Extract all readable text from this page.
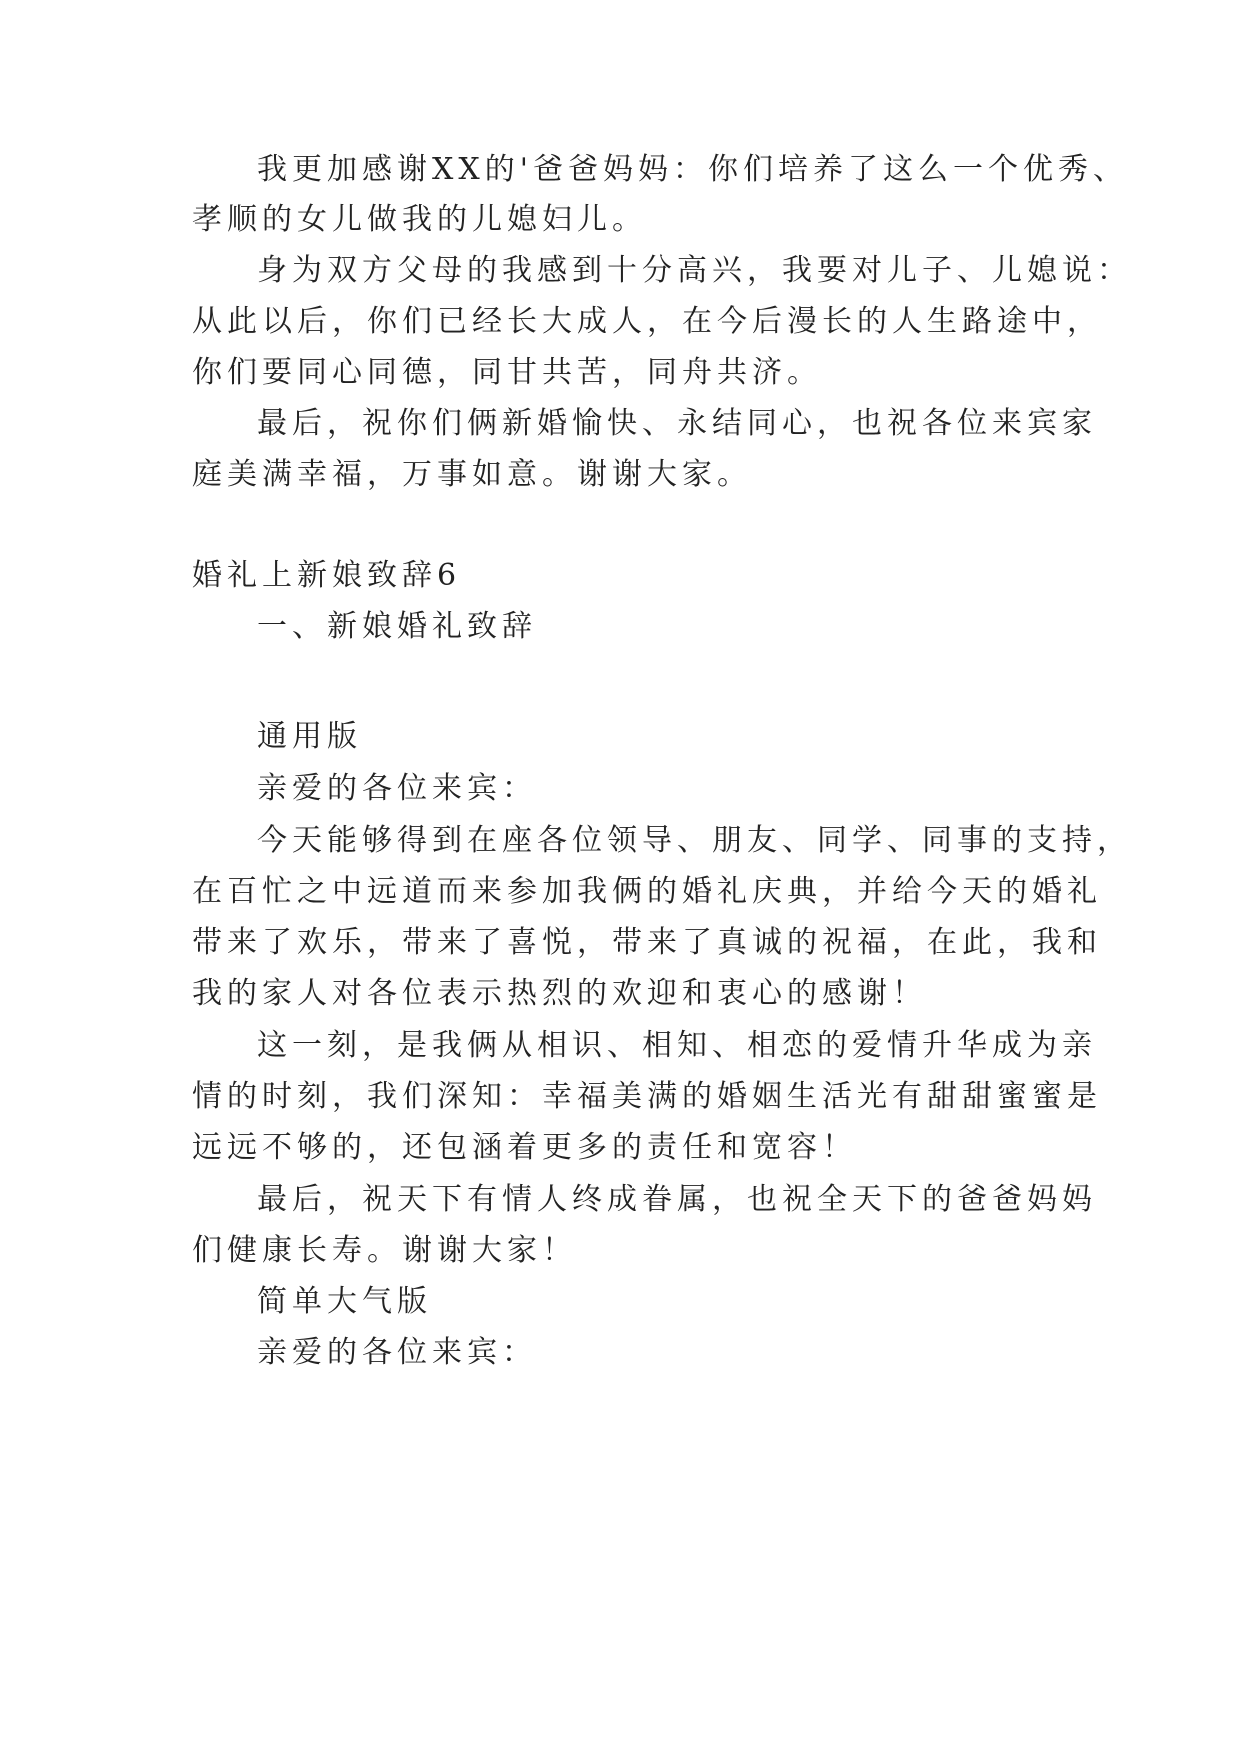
我更加感谢XX的'爸爸妈妈：你们培养了这么一个优秀、
孝顺的女儿做我的儿媳妇儿。
身为双方父母的我感到十分高兴，我要对儿子、儿媳说：
从此以后，你们已经长大成人，在今后漫长的人生路途中，
你们要同心同德，同甘共苦，同舟共济。
最后，祝你们俩新婚愉快、永结同心，也祝各位来宾家
庭美满幸福，万事如意。谢谢大家。
婚礼上新娘致辞6
一、新娘婚礼致辞
通用版
亲爱的各位来宾：
今天能够得到在座各位领导、朋友、同学、同事的支持，
在百忙之中远道而来参加我俩的婚礼庆典，并给今天的婚礼
带来了欢乐，带来了喜悦，带来了真诚的祝福，在此，我和
我的家人对各位表示热烈的欢迎和衷心的感谢！
这一刻，是我俩从相识、相知、相恋的爱情升华成为亲
情的时刻，我们深知：幸福美满的婚姻生活光有甜甜蜜蜜是
远远不够的，还包涵着更多的责任和宽容！
最后，祝天下有情人终成眷属，也祝全天下的爸爸妈妈
们健康长寿。谢谢大家！
简单大气版
亲爱的各位来宾：
